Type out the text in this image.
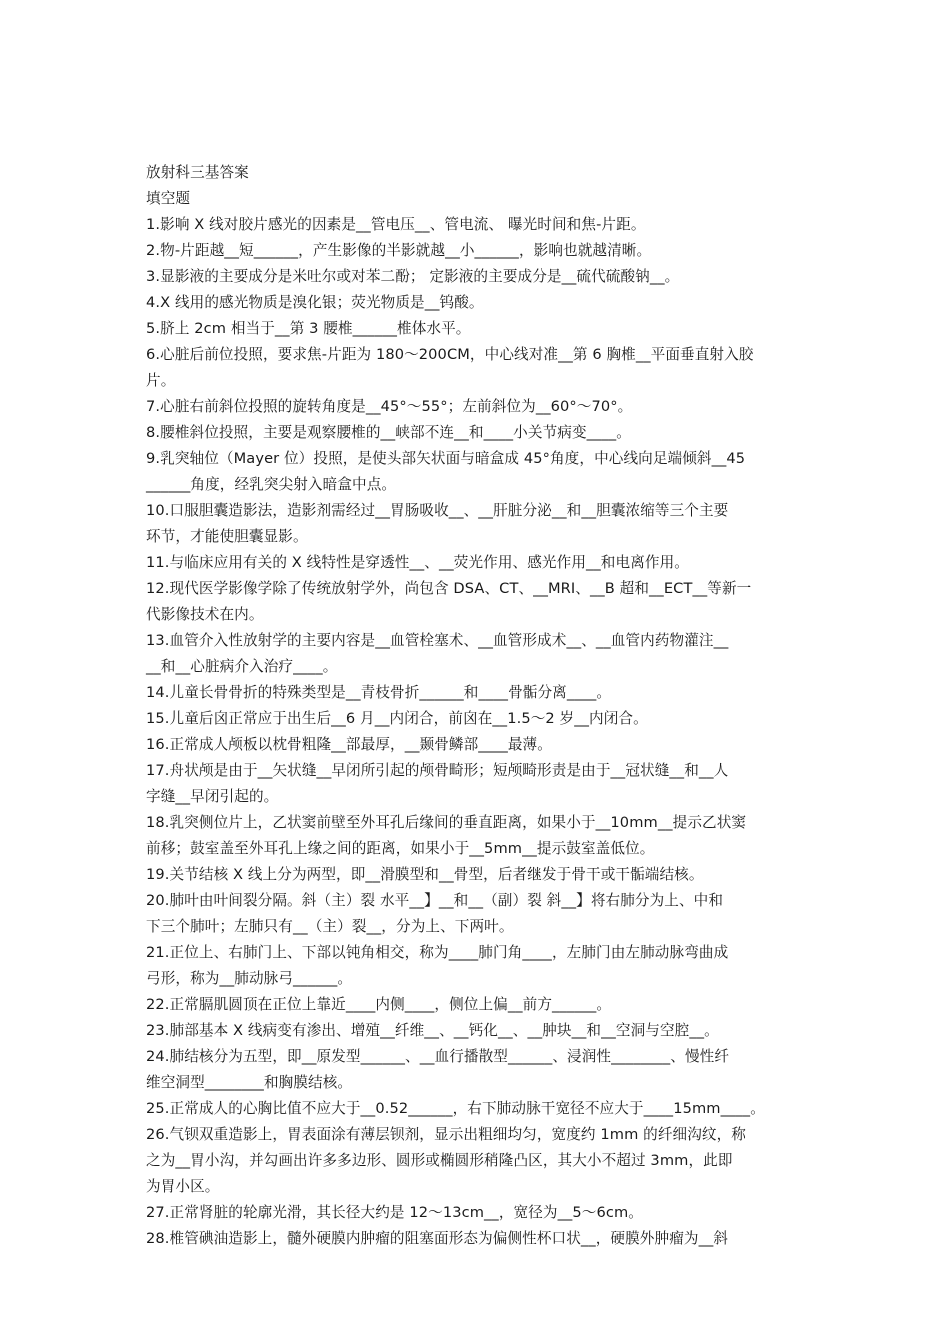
放射科三基答案
填空题
1.影响 X 线对胶片感光的因素是__管电压__、管电流、 曝光时间和焦-片距。
2.物-片距越__短______，产生影像的半影就越__小______，影响也就越清晰。
3.显影液的主要成分是米吐尔或对苯二酚； 定影液的主要成分是__硫代硫酸钠__。
4.X 线用的感光物质是溴化银；荧光物质是__钨酸。
5.脐上 2cm 相当于__第 3 腰椎______椎体水平。
6.心脏后前位投照，要求焦-片距为 180～200CM，中心线对准__第 6 胸椎__平面垂直射入胶
片。
7.心脏右前斜位投照的旋转角度是__45°～55°；左前斜位为__60°～70°。
8.腰椎斜位投照，主要是观察腰椎的__峡部不连__和____小关节病变____。
9.乳突轴位（Mayer 位）投照，是使头部矢状面与暗盒成 45°角度，中心线向足端倾斜__45
______角度，经乳突尖射入暗盒中点。
10.口服胆囊造影法，造影剂需经过__胃肠吸收__、__肝脏分泌__和__胆囊浓缩等三个主要
环节，才能使胆囊显影。
11.与临床应用有关的 X 线特性是穿透性__、__荧光作用、感光作用__和电离作用。
12.现代医学影像学除了传统放射学外，尚包含 DSA、CT、__MRI、__B 超和__ECT__等新一
代影像技术在内。
13.血管介入性放射学的主要内容是__血管栓塞术、__血管形成术__、__血管内药物灌注__
__和__心脏病介入治疗____。
14.儿童长骨骨折的特殊类型是__青枝骨折______和____骨骺分离____。
15.儿童后囟正常应于出生后__6 月__内闭合，前囟在__1.5～2 岁__内闭合。
16.正常成人颅板以枕骨粗隆__部最厚，__颞骨鳞部____最薄。
17.舟状颅是由于__矢状缝__早闭所引起的颅骨畸形；短颅畸形责是由于__冠状缝__和__人
字缝__早闭引起的。
18.乳突侧位片上，乙状窦前壁至外耳孔后缘间的垂直距离，如果小于__10mm__提示乙状窦
前移；鼓室盖至外耳孔上缘之间的距离，如果小于__5mm__提示鼓室盖低位。
19.关节结核 X 线上分为两型，即__滑膜型和__骨型，后者继发于骨干或干骺端结核。
20.肺叶由叶间裂分隔。斜（主）裂 水平__】__和__（副）裂 斜__】将右肺分为上、中和
下三个肺叶；左肺只有__（主）裂__，分为上、下两叶。
21.正位上、右肺门上、下部以钝角相交，称为____肺门角____，左肺门由左肺动脉弯曲成
弓形，称为__肺动脉弓______。
22.正常膈肌圆顶在正位上靠近____内侧____，侧位上偏__前方______。
23.肺部基本 X 线病变有渗出、增殖__纤维__、__钙化__、__肿块__和__空洞与空腔__。
24.肺结核分为五型，即__原发型______、__血行播散型______、浸润性________、慢性纤
维空洞型________和胸膜结核。
25.正常成人的心胸比值不应大于__0.52______，右下肺动脉干宽径不应大于____15mm____。
26.气钡双重造影上，胃表面涂有薄层钡剂，显示出粗细均匀，宽度约 1mm 的纤细沟纹，称
之为__胃小沟，并勾画出许多多边形、圆形或椭圆形稍隆凸区，其大小不超过 3mm，此即
为胃小区。
27.正常肾脏的轮廓光滑，其长径大约是 12～13cm__，宽径为__5～6cm。
28.椎管碘油造影上，髓外硬膜内肿瘤的阻塞面形态为偏侧性杯口状__，硬膜外肿瘤为__斜
